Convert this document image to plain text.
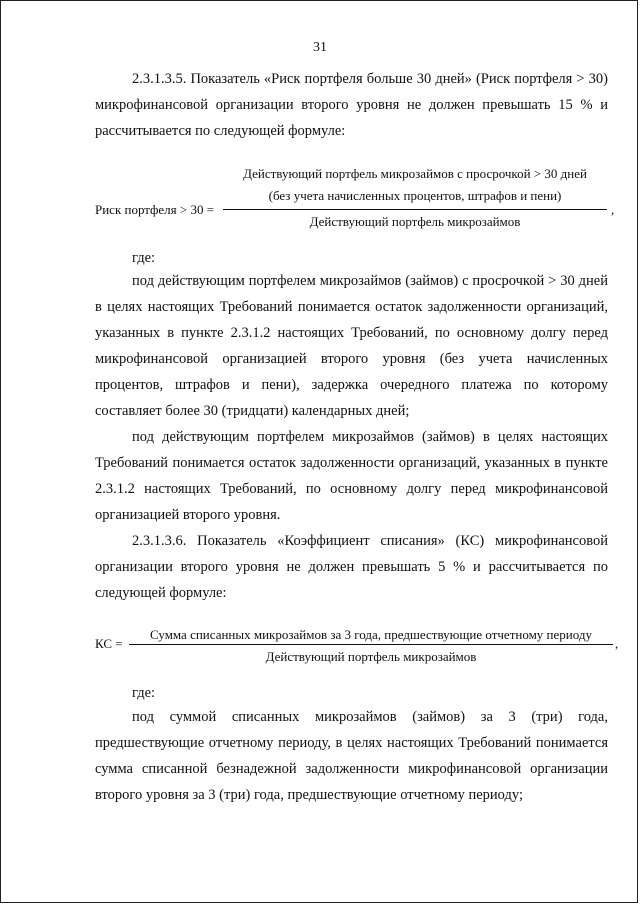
31

2.3.1.3.5. Показатель «Риск портфеля больше 30 дней» (Риск портфеля > 30) микрофинансовой организации второго уровня не должен превышать 15 % и рассчитывается по следующей формуле:

Риск портфеля > 30 =
Действующий портфель микрозаймов с просрочкой > 30 дней
(без учета начисленных процентов, штрафов и пени)
Действующий портфель микрозаймов
,

где:

под действующим портфелем микрозаймов (займов) с просрочкой > 30 дней в целях настоящих Требований понимается остаток задолженности организаций, указанных в пункте 2.3.1.2 настоящих Требований, по основному долгу перед микрофинансовой организацией второго уровня (без учета начисленных процентов, штрафов и пени), задержка очередного платежа по которому составляет более 30 (тридцати) календарных дней;

под действующим портфелем микрозаймов (займов) в целях настоящих Требований понимается остаток задолженности организаций, указанных в пункте 2.3.1.2 настоящих Требований, по основному долгу перед микрофинансовой организацией второго уровня.

2.3.1.3.6. Показатель «Коэффициент списания» (КС) микрофинансовой организации второго уровня не должен превышать 5 % и рассчитывается по следующей формуле:

КС =
Сумма списанных микрозаймов за 3 года, предшествующие отчетному периоду
Действующий портфель микрозаймов
,

где:

под суммой списанных микрозаймов (займов) за 3 (три) года, предшествующие отчетному периоду, в целях настоящих Требований понимается сумма списанной безнадежной задолженности микрофинансовой организации второго уровня за 3 (три) года, предшествующие отчетному периоду;
